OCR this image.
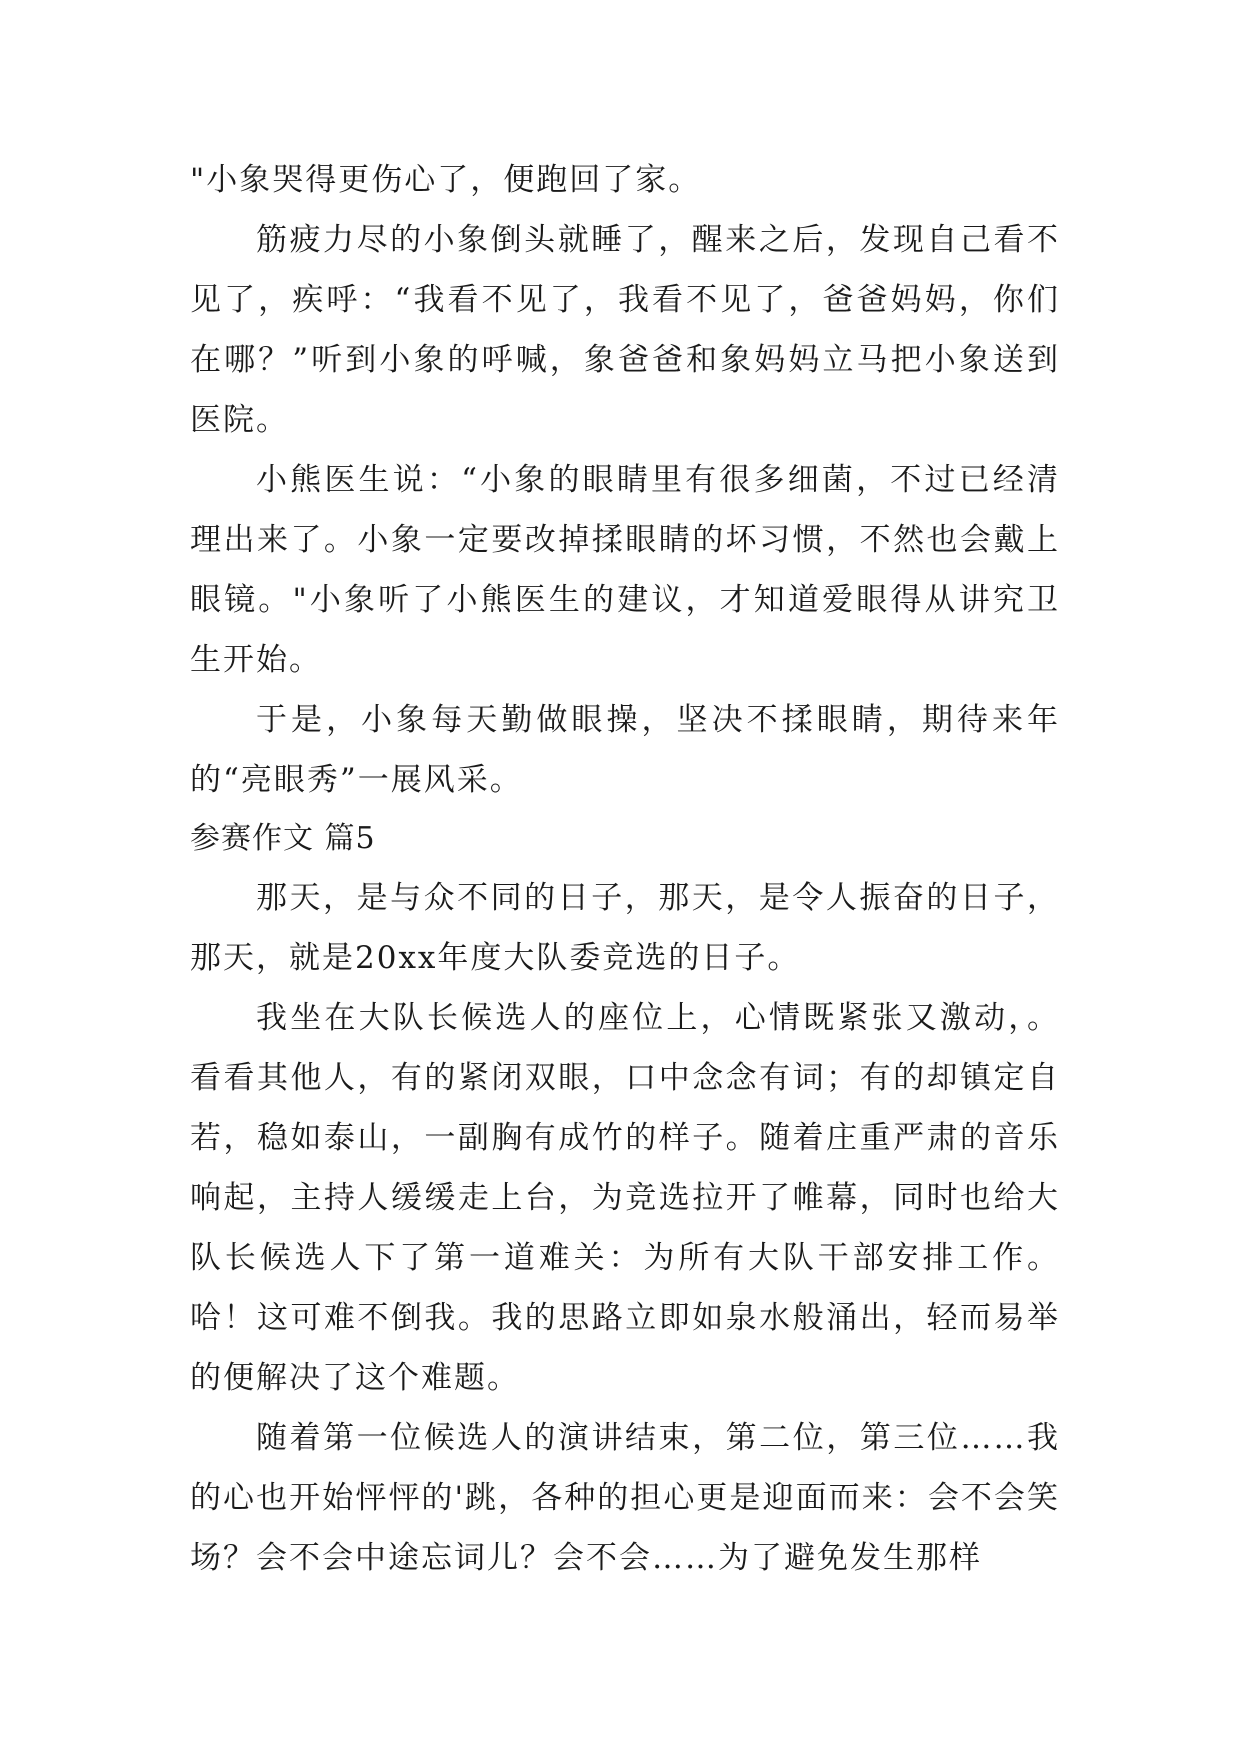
"小象哭得更伤心了，便跑回了家。

筋疲力尽的小象倒头就睡了，醒来之后，发现自己看不见了，疾呼：“我看不见了，我看不见了，爸爸妈妈，你们在哪？”听到小象的呼喊，象爸爸和象妈妈立马把小象送到医院。

小熊医生说：“小象的眼睛里有很多细菌，不过已经清理出来了。小象一定要改掉揉眼睛的坏习惯，不然也会戴上眼镜。"小象听了小熊医生的建议，才知道爱眼得从讲究卫生开始。

于是，小象每天勤做眼操，坚决不揉眼睛，期待来年的“亮眼秀”一展风采。

参赛作文 篇5

那天，是与众不同的日子，那天，是令人振奋的日子，那天，就是20xx年度大队委竞选的日子。

我坐在大队长候选人的座位上，心情既紧张又激动，。看看其他人，有的紧闭双眼，口中念念有词；有的却镇定自若，稳如泰山，一副胸有成竹的样子。随着庄重严肃的音乐响起，主持人缓缓走上台，为竞选拉开了帷幕，同时也给大队长候选人下了第一道难关：为所有大队干部安排工作。哈！这可难不倒我。我的思路立即如泉水般涌出，轻而易举的便解决了这个难题。

随着第一位候选人的演讲结束，第二位，第三位……我的心也开始怦怦的'跳，各种的担心更是迎面而来：会不会笑场？会不会中途忘词儿？会不会……为了避免发生那样
